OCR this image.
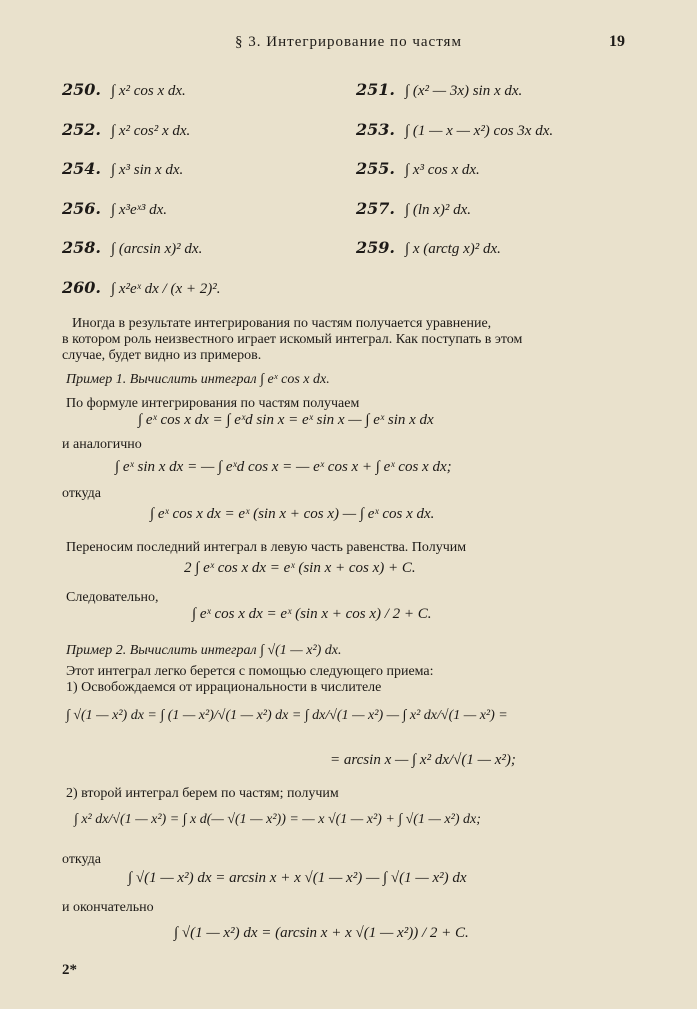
§ 3. Интегрирование по частям	19
250. ∫ x² cos x dx.	251. ∫ (x² — 3x) sin x dx.
252. ∫ x² cos² x dx.	253. ∫ (1 — x — x²) cos 3x dx.
254. ∫ x³ sin x dx.	255. ∫ x³ cos x dx.
256. ∫ x³eˣ³ dx.	257. ∫ (ln x)² dx.
258. ∫ (arcsin x)² dx.	259. ∫ x (arctg x)² dx.
260. ∫ x²eˣ dx / (x + 2)².
Иногда в результате интегрирования по частям получается уравнение,
в котором роль неизвестного играет искомый интеграл. Как поступать в этом
случае, будет видно из примеров.
Пример 1. Вычислить интеграл ∫ eˣ cos x dx.
По формуле интегрирования по частям получаем
∫ eˣ cos x dx = ∫ eˣd sin x = eˣ sin x — ∫ eˣ sin x dx
и аналогично
∫ eˣ sin x dx = — ∫ eˣd cos x = — eˣ cos x + ∫ eˣ cos x dx;
откуда
∫ eˣ cos x dx = eˣ (sin x + cos x) — ∫ eˣ cos x dx.
Переносим последний интеграл в левую часть равенства. Получим
2 ∫ eˣ cos x dx = eˣ (sin x + cos x) + C.
Следовательно,
∫ eˣ cos x dx = eˣ (sin x + cos x) / 2 + C.
Пример 2. Вычислить интеграл ∫ √(1 — x²) dx.
Этот интеграл легко берется с помощью следующего приема:
1) Освобождаемся от иррациональности в числителе
∫ √(1 — x²) dx = ∫ (1 — x²)/√(1 — x²) dx = ∫ dx/√(1 — x²) — ∫ x² dx/√(1 — x²) =
= arcsin x — ∫ x² dx/√(1 — x²);
2) второй интеграл берем по частям; получим
∫ x² dx/√(1 — x²) = ∫ x d(— √(1 — x²)) = — x √(1 — x²) + ∫ √(1 — x²) dx;
откуда
∫ √(1 — x²) dx = arcsin x + x √(1 — x²) — ∫ √(1 — x²) dx
и окончательно
∫ √(1 — x²) dx = (arcsin x + x √(1 — x²)) / 2 + C.
2*
